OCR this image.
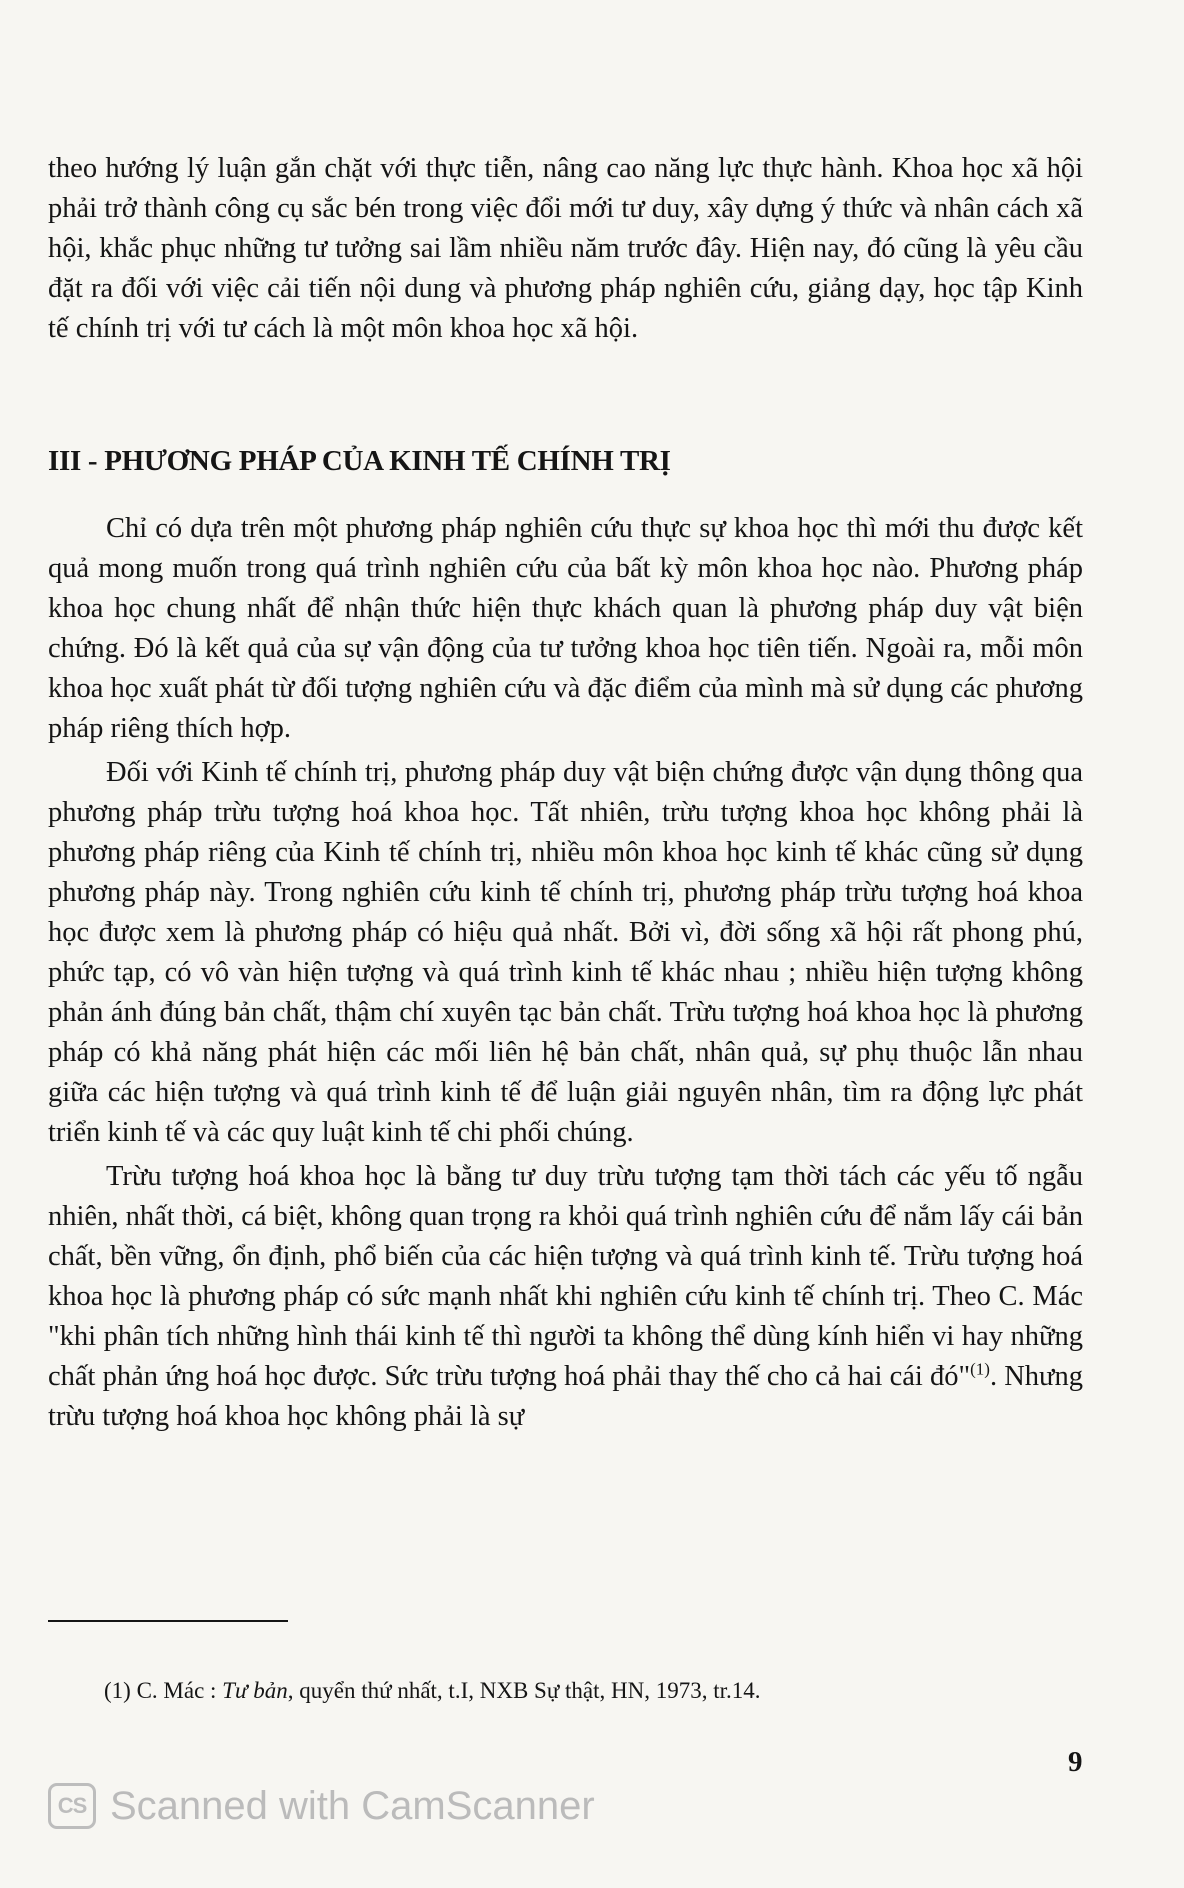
theo hướng lý luận gắn chặt với thực tiễn, nâng cao năng lực thực hành. Khoa học xã hội phải trở thành công cụ sắc bén trong việc đổi mới tư duy, xây dựng ý thức và nhân cách xã hội, khắc phục những tư tưởng sai lầm nhiều năm trước đây. Hiện nay, đó cũng là yêu cầu đặt ra đối với việc cải tiến nội dung và phương pháp nghiên cứu, giảng dạy, học tập Kinh tế chính trị với tư cách là một môn khoa học xã hội.

III - PHƯƠNG PHÁP CỦA KINH TẾ CHÍNH TRỊ

Chỉ có dựa trên một phương pháp nghiên cứu thực sự khoa học thì mới thu được kết quả mong muốn trong quá trình nghiên cứu của bất kỳ môn khoa học nào. Phương pháp khoa học chung nhất để nhận thức hiện thực khách quan là phương pháp duy vật biện chứng. Đó là kết quả của sự vận động của tư tưởng khoa học tiên tiến. Ngoài ra, mỗi môn khoa học xuất phát từ đối tượng nghiên cứu và đặc điểm của mình mà sử dụng các phương pháp riêng thích hợp.

Đối với Kinh tế chính trị, phương pháp duy vật biện chứng được vận dụng thông qua phương pháp trừu tượng hoá khoa học. Tất nhiên, trừu tượng khoa học không phải là phương pháp riêng của Kinh tế chính trị, nhiều môn khoa học kinh tế khác cũng sử dụng phương pháp này. Trong nghiên cứu kinh tế chính trị, phương pháp trừu tượng hoá khoa học được xem là phương pháp có hiệu quả nhất. Bởi vì, đời sống xã hội rất phong phú, phức tạp, có vô vàn hiện tượng và quá trình kinh tế khác nhau ; nhiều hiện tượng không phản ánh đúng bản chất, thậm chí xuyên tạc bản chất. Trừu tượng hoá khoa học là phương pháp có khả năng phát hiện các mối liên hệ bản chất, nhân quả, sự phụ thuộc lẫn nhau giữa các hiện tượng và quá trình kinh tế để luận giải nguyên nhân, tìm ra động lực phát triển kinh tế và các quy luật kinh tế chi phối chúng.

Trừu tượng hoá khoa học là bằng tư duy trừu tượng tạm thời tách các yếu tố ngẫu nhiên, nhất thời, cá biệt, không quan trọng ra khỏi quá trình nghiên cứu để nắm lấy cái bản chất, bền vững, ổn định, phổ biến của các hiện tượng và quá trình kinh tế. Trừu tượng hoá khoa học là phương pháp có sức mạnh nhất khi nghiên cứu kinh tế chính trị. Theo C. Mác "khi phân tích những hình thái kinh tế thì người ta không thể dùng kính hiển vi hay những chất phản ứng hoá học được. Sức trừu tượng hoá phải thay thế cho cả hai cái đó"$^{(1)}$. Nhưng trừu tượng hoá khoa học không phải là sự

(1) C. Mác : Tư bản, quyển thứ nhất, t.I, NXB Sự thật, HN, 1973, tr.14.

9

CS Scanned with CamScanner
